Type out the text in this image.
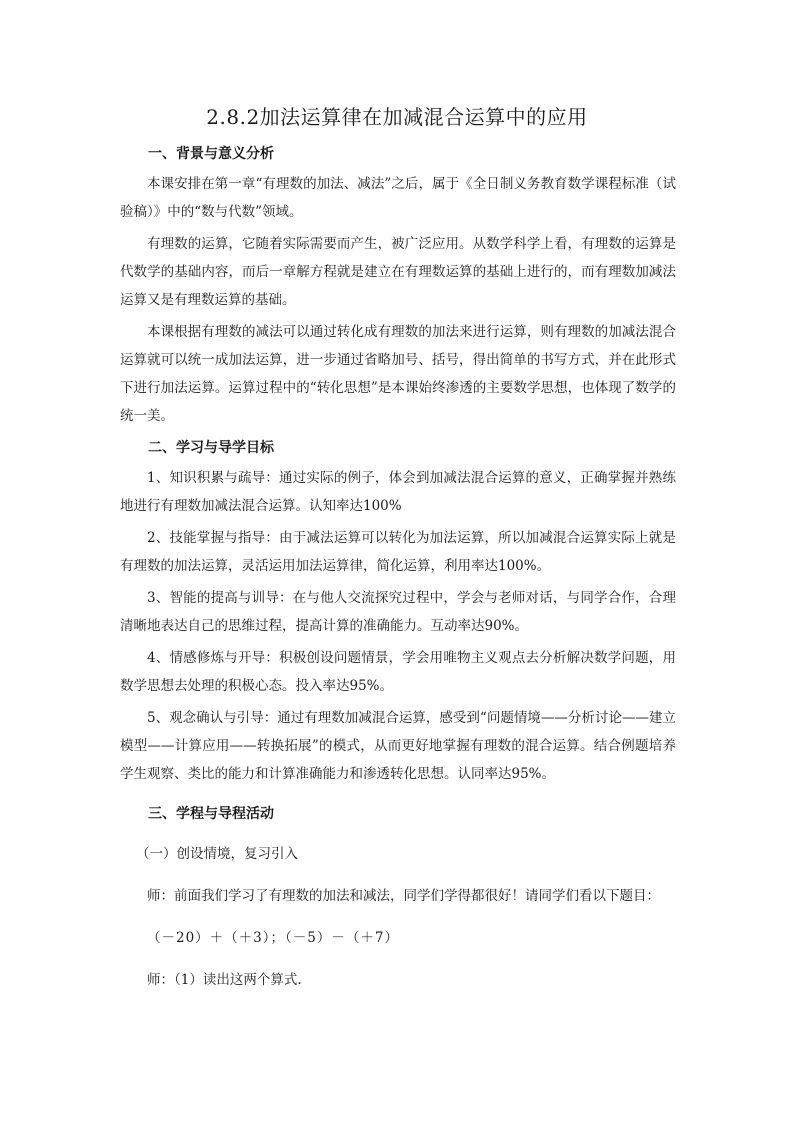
2.8.2加法运算律在加减混合运算中的应用
一、背景与意义分析

本课安排在第一章“有理数的加法、减法”之后，属于《全日制义务教育数学课程标准（试验稿）》中的“数与代数”领域。

有理数的运算，它随着实际需要而产生，被广泛应用。从数学科学上看，有理数的运算是代数学的基础内容，而后一章解方程就是建立在有理数运算的基础上进行的，而有理数加减法运算又是有理数运算的基础。

本课根据有理数的减法可以通过转化成有理数的加法来进行运算，则有理数的加减法混合运算就可以统一成加法运算，进一步通过省略加号、括号，得出简单的书写方式，并在此形式下进行加法运算。运算过程中的“转化思想”是本课始终渗透的主要数学思想，也体现了数学的统一美。

二、学习与导学目标

1、知识积累与疏导：通过实际的例子，体会到加减法混合运算的意义，正确掌握并熟练地进行有理数加减法混合运算。认知率达100%

2、技能掌握与指导：由于减法运算可以转化为加法运算，所以加减混合运算实际上就是有理数的加法运算，灵活运用加法运算律，简化运算，利用率达100%。

3、智能的提高与训导：在与他人交流探究过程中，学会与老师对话，与同学合作，合理清晰地表达自己的思维过程，提高计算的准确能力。互动率达90%。

4、情感修炼与开导：积极创设问题情景，学会用唯物主义观点去分析解决数学问题，用数学思想去处理的积极心态。投入率达95%。

5、观念确认与引导：通过有理数加减混合运算，感受到“问题情境——分析讨论——建立模型——计算应用——转换拓展”的模式，从而更好地掌握有理数的混合运算。结合例题培养学生观察、类比的能力和计算准确能力和渗透转化思想。认同率达95%。

三、学程与导程活动
（一）创设情境，复习引入
师：前面我们学习了有理数的加法和减法，同学们学得都很好！请同学们看以下题目：
（－20）＋（＋3）；（－5）－（＋7）
师：（1）读出这两个算式.
